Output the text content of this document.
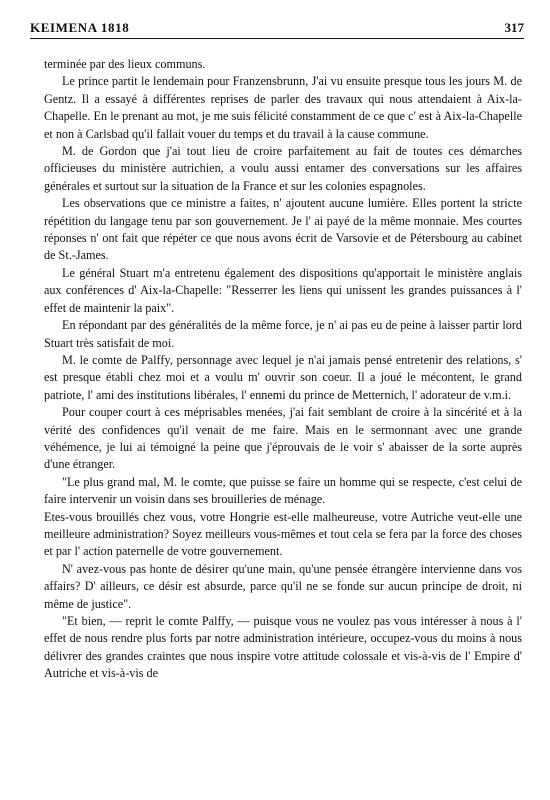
KEIMENA 1818	317

terminée par des lieux communs.

Le prince partit le lendemain pour Franzensbrunn, J'ai vu ensuite presque tous les jours M. de Gentz. Il a essayé à différentes reprises de parler des travaux qui nous attendaient à Aix-la-Chapelle. En le prenant au mot, je me suis félicité constamment de ce que c' est à Aix-la-Chapelle et non à Carlsbad qu'il fallait vouer du temps et du travail à la cause commune.

M. de Gordon que j'ai tout lieu de croire parfaitement au fait de toutes ces démarches officieuses du ministère autrichien, a voulu aussi entamer des conversations sur les affaires générales et surtout sur la situation de la France et sur les colonies espagnoles.

Les observations que ce ministre a faites, n' ajoutent aucune lumière. Elles portent la stricte répétition du langage tenu par son gouvernement. Je l' ai payé de la même monnaie. Mes courtes réponses n' ont fait que répéter ce que nous avons écrit de Varsovie et de Pétersbourg au cabinet de St.-James.

Le général Stuart m'a entretenu également des dispositions qu'apportait le ministère anglais aux conférences d' Aix-la-Chapelle: "Resserrer les liens qui unissent les grandes puissances à l' effet de maintenir la paix".

En répondant par des généralités de la même force, je n' ai pas eu de peine à laisser partir lord Stuart très satisfait de moi.

M. le comte de Palffy, personnage avec lequel je n'ai jamais pensé entretenir des relations, s' est presque établi chez moi et a voulu m' ouvrir son coeur. Il a joué le mécontent, le grand patriote, l' ami des institutions libérales, l' ennemi du prince de Metternich, l' adorateur de v.m.i.

Pour couper court à ces méprisables menées, j'ai fait semblant de croire à la sincérité et à la vérité des confidences qu'il venait de me faire. Mais en le sermonnant avec une grande véhémence, je lui ai témoigné la peine que j'éprouvais de le voir s' abaisser de la sorte auprès d'une étranger.

"Le plus grand mal, M. le comte, que puisse se faire un homme qui se respecte, c'est celui de faire intervenir un voisin dans ses brouilleries de ménage.

Etes-vous brouillés chez vous, votre Hongrie est-elle malheureuse, votre Autriche veut-elle une meilleure administration? Soyez meilleurs vous-mêmes et tout cela se fera par la force des choses et par l' action paternelle de votre gouvernement.

N' avez-vous pas honte de désirer qu'une main, qu'une pensée étrangère intervienne dans vos affairs? D' ailleurs, ce désir est absurde, parce qu'il ne se fonde sur aucun principe de droit, ni même de justice".

"Et bien, — reprit le comte Palffy, — puisque vous ne voulez pas vous intéresser à nous à l' effet de nous rendre plus forts par notre administration intérieure, occupez-vous du moins à nous délivrer des grandes craintes que nous inspire votre attitude colossale et vis-à-vis de l' Empire d' Autriche et vis-à-vis de
